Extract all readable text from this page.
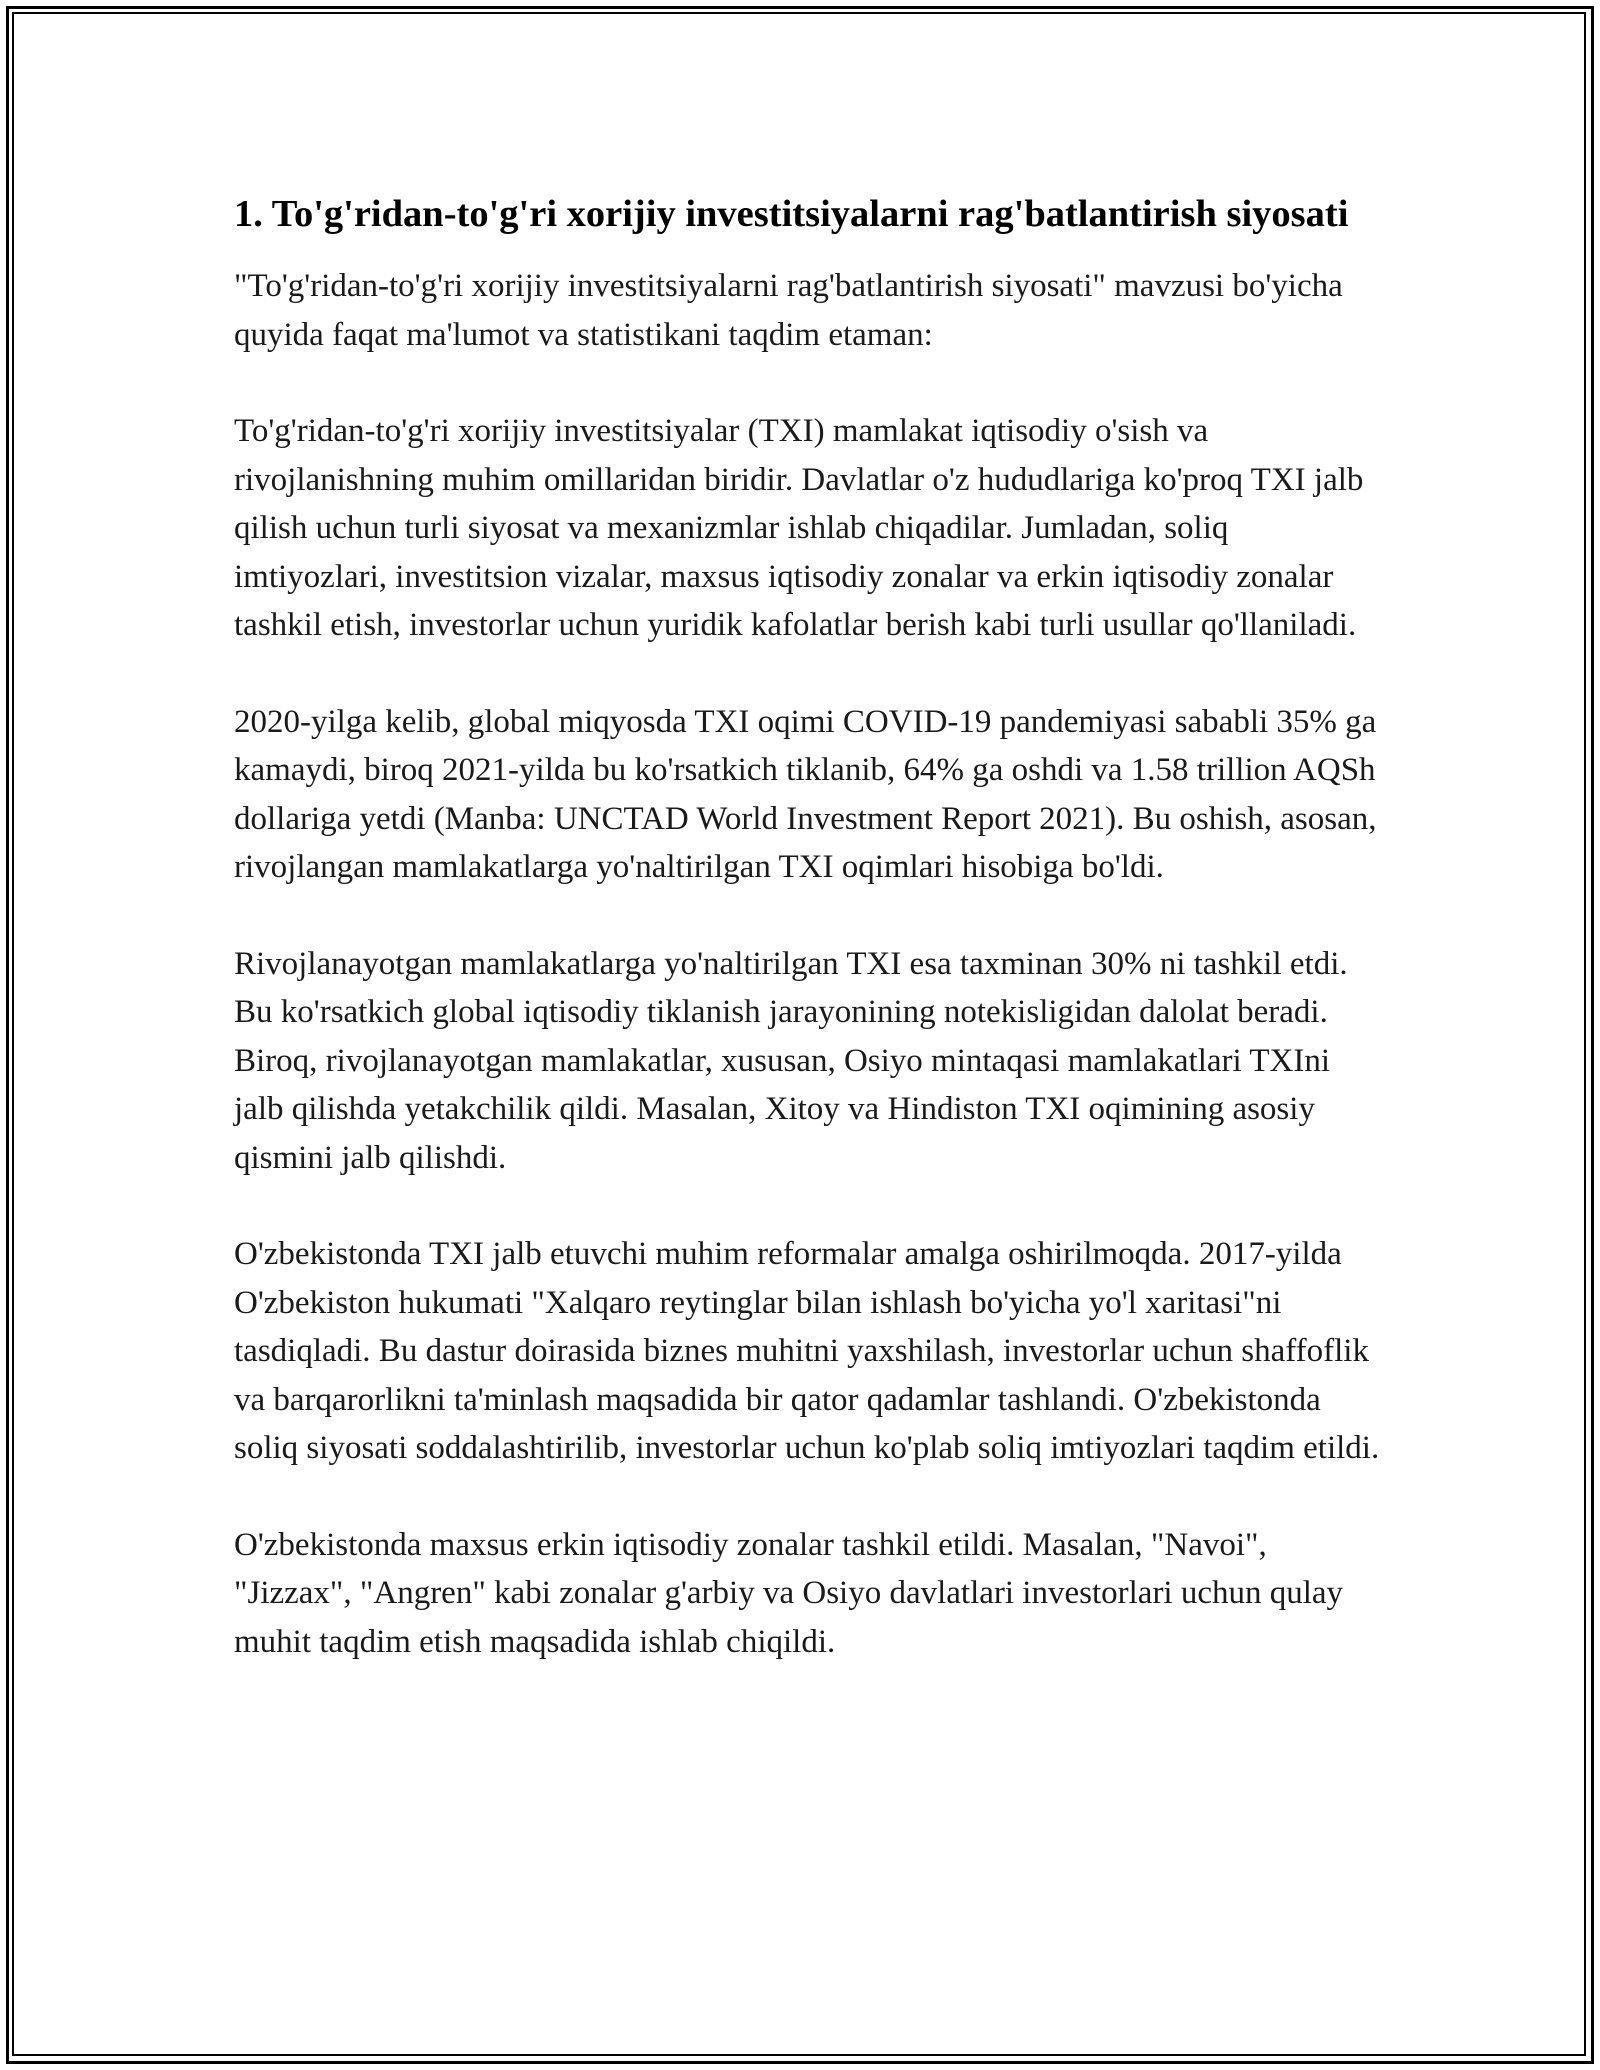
1. To'g'ridan-to'g'ri xorijiy investitsiyalarni rag'batlantirish siyosati

"To'g'ridan-to'g'ri xorijiy investitsiyalarni rag'batlantirish siyosati" mavzusi bo'yicha quyida faqat ma'lumot va statistikani taqdim etaman:

To'g'ridan-to'g'ri xorijiy investitsiyalar (TXI) mamlakat iqtisodiy o'sish va rivojlanishning muhim omillaridan biridir. Davlatlar o'z hududlariga ko'proq TXI jalb qilish uchun turli siyosat va mexanizmlar ishlab chiqadilar. Jumladan, soliq imtiyozlari, investitsion vizalar, maxsus iqtisodiy zonalar va erkin iqtisodiy zonalar tashkil etish, investorlar uchun yuridik kafolatlar berish kabi turli usullar qo'llaniladi.

2020-yilga kelib, global miqyosda TXI oqimi COVID-19 pandemiyasi sababli 35% ga kamaydi, biroq 2021-yilda bu ko'rsatkich tiklanib, 64% ga oshdi va 1.58 trillion AQSh dollariga yetdi (Manba: UNCTAD World Investment Report 2021). Bu oshish, asosan, rivojlangan mamlakatlarga yo'naltirilgan TXI oqimlari hisobiga bo'ldi.

Rivojlanayotgan mamlakatlarga yo'naltirilgan TXI esa taxminan 30% ni tashkil etdi. Bu ko'rsatkich global iqtisodiy tiklanish jarayonining notekisligidan dalolat beradi. Biroq, rivojlanayotgan mamlakatlar, xususan, Osiyo mintaqasi mamlakatlari TXIni jalb qilishda yetakchilik qildi. Masalan, Xitoy va Hindiston TXI oqimining asosiy qismini jalb qilishdi.

O'zbekistonda TXI jalb etuvchi muhim reformalar amalga oshirilmoqda. 2017-yilda O'zbekiston hukumati "Xalqaro reytinglar bilan ishlash bo'yicha yo'l xaritasi"ni tasdiqladi. Bu dastur doirasida biznes muhitni yaxshilash, investorlar uchun shaffoflik va barqarorlikni ta'minlash maqsadida bir qator qadamlar tashlandi. O'zbekistonda soliq siyosati soddalashtirilib, investorlar uchun ko'plab soliq imtiyozlari taqdim etildi.

O'zbekistonda maxsus erkin iqtisodiy zonalar tashkil etildi. Masalan, "Navoi", "Jizzax", "Angren" kabi zonalar g'arbiy va Osiyo davlatlari investorlari uchun qulay muhit taqdim etish maqsadida ishlab chiqildi.
